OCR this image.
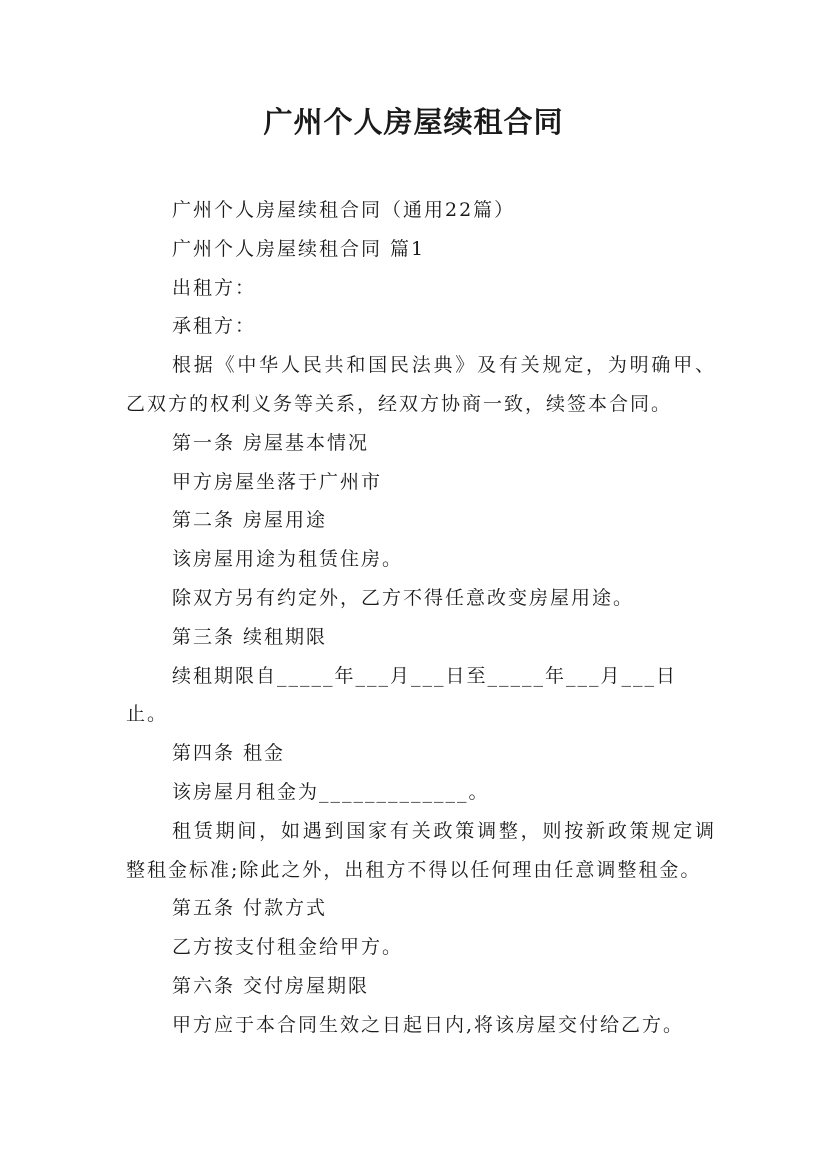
广州个人房屋续租合同

广州个人房屋续租合同（通用22篇）

广州个人房屋续租合同 篇1

出租方：

承租方：

根据《中华人民共和国民法典》及有关规定，为明确甲、乙双方的权利义务等关系，经双方协商一致，续签本合同。

第一条 房屋基本情况

甲方房屋坐落于广州市

第二条 房屋用途

该房屋用途为租赁住房。

除双方另有约定外，乙方不得任意改变房屋用途。

第三条 续租期限

续租期限自_____年___月___日至_____年___月___日止。

第四条 租金

该房屋月租金为_____________。

租赁期间，如遇到国家有关政策调整，则按新政策规定调整租金标准;除此之外，出租方不得以任何理由任意调整租金。

第五条 付款方式

乙方按支付租金给甲方。

第六条 交付房屋期限

甲方应于本合同生效之日起日内,将该房屋交付给乙方。
